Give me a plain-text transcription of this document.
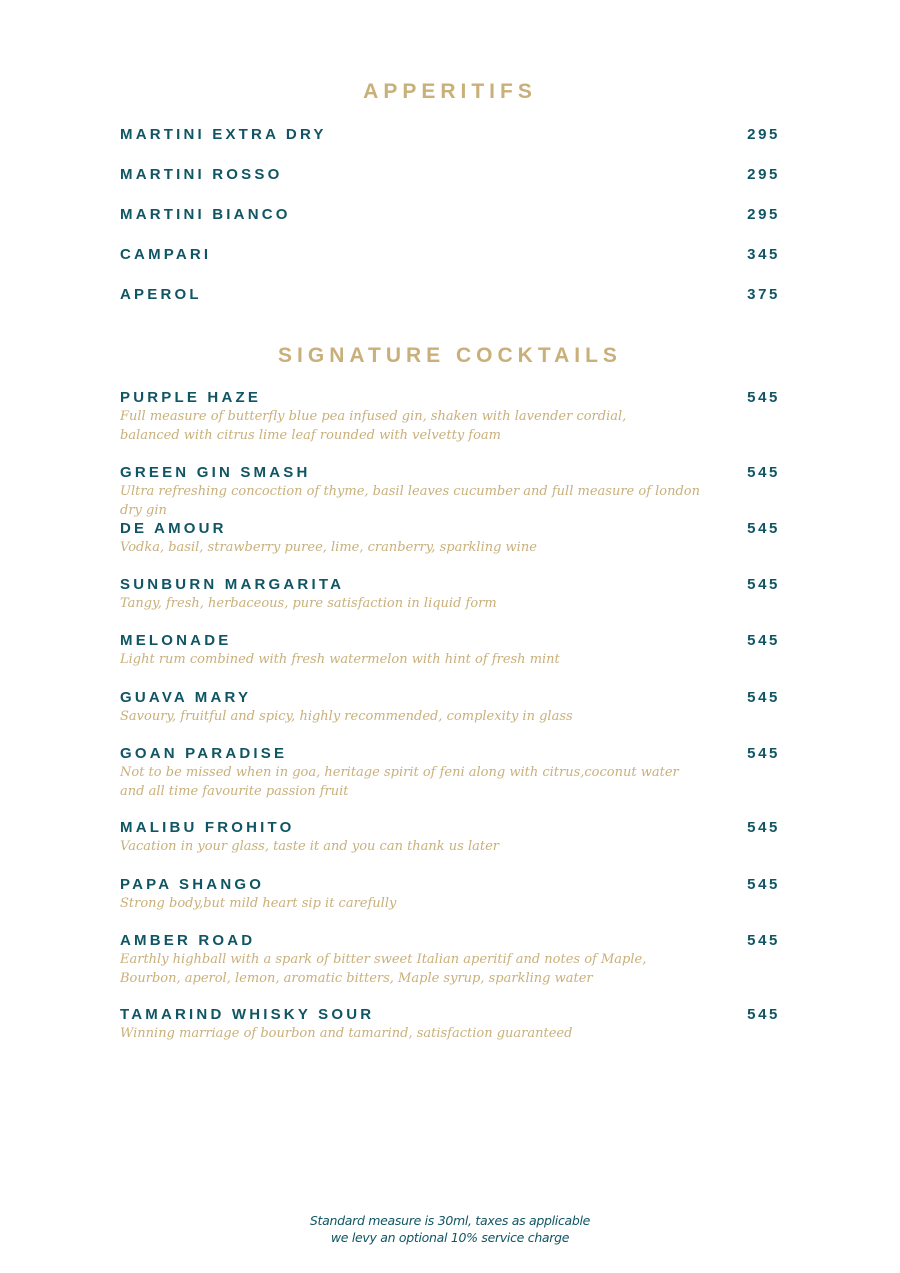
APPERITIFS
MARTINI EXTRA DRY	295
MARTINI ROSSO	295
MARTINI BIANCO	295
CAMPARI	345
APEROL	375
SIGNATURE COCKTAILS
PURPLE HAZE	545
Full measure of butterfly blue pea infused gin, shaken with lavender cordial, balanced with citrus lime leaf rounded with velvetty foam
GREEN GIN SMASH	545
Ultra refreshing concoction of thyme, basil leaves cucumber and full measure of london dry gin
DE AMOUR	545
Vodka, basil, strawberry puree, lime, cranberry, sparkling wine
SUNBURN MARGARITA	545
Tangy, fresh, herbaceous, pure satisfaction in liquid form
MELONADE	545
Light rum combined with fresh watermelon with hint of fresh mint
GUAVA MARY	545
Savoury, fruitful and spicy, highly recommended, complexity in glass
GOAN PARADISE	545
Not to be missed when in goa, heritage spirit of feni along with citrus,coconut water and all time favourite passion fruit
MALIBU FROHITO	545
Vacation in your glass, taste it and you can thank us later
PAPA SHANGO	545
Strong body,but mild heart sip it carefully
AMBER ROAD	545
Earthly highball with a spark of bitter sweet Italian aperitif and notes of Maple, Bourbon, aperol, lemon, aromatic bitters, Maple syrup, sparkling water
TAMARIND WHISKY SOUR	545
Winning marriage of bourbon and tamarind, satisfaction guaranteed
Standard measure is 30ml, taxes as applicable
we levy an optional 10% service charge
